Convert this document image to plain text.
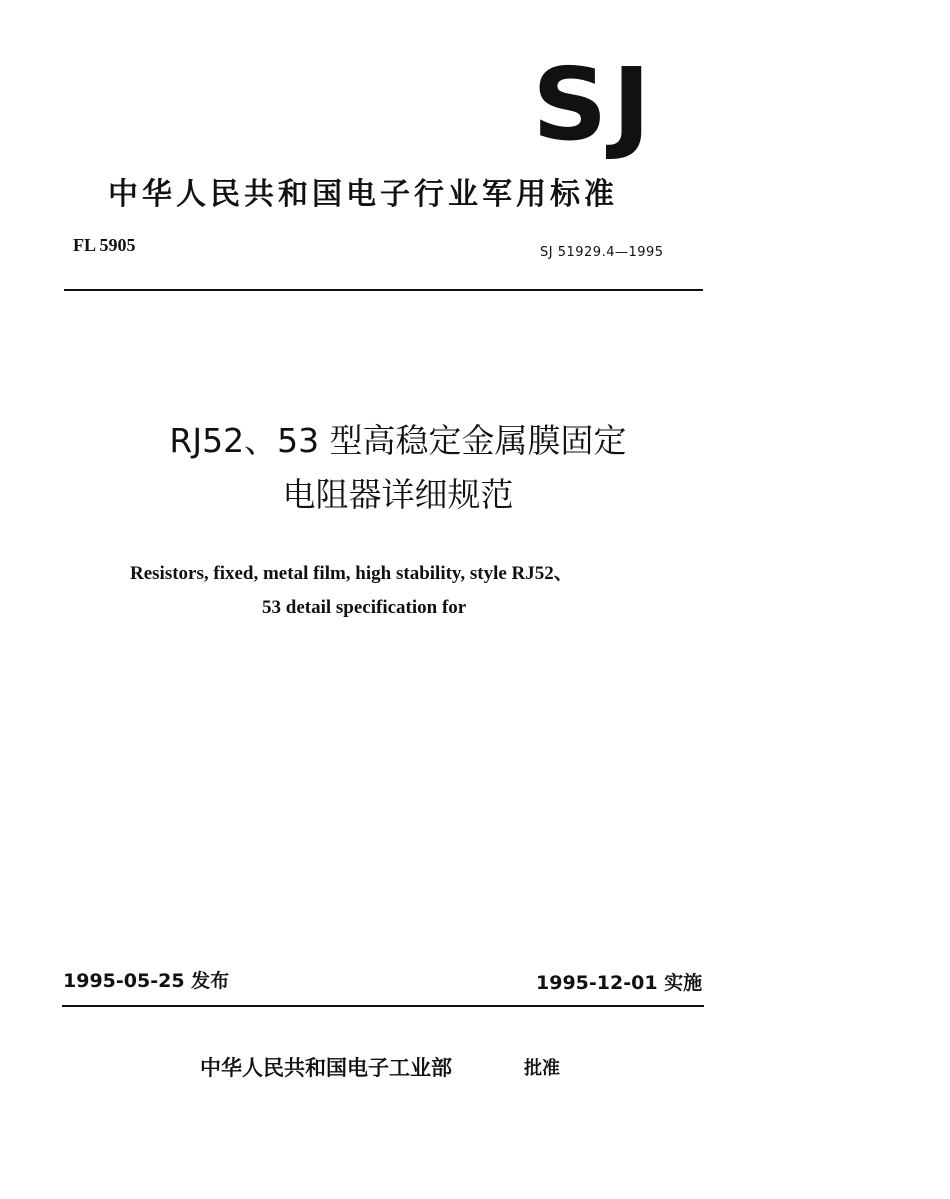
SJ
中华人民共和国电子行业军用标准
FL 5905	SJ 51929.4—1995
RJ52、53 型高稳定金属膜固定
电阻器详细规范
Resistors, fixed, metal film, high stability, style RJ52、
53 detail specification for
1995-05-25 发布	1995-12-01 实施
中华人民共和国电子工业部	批准
